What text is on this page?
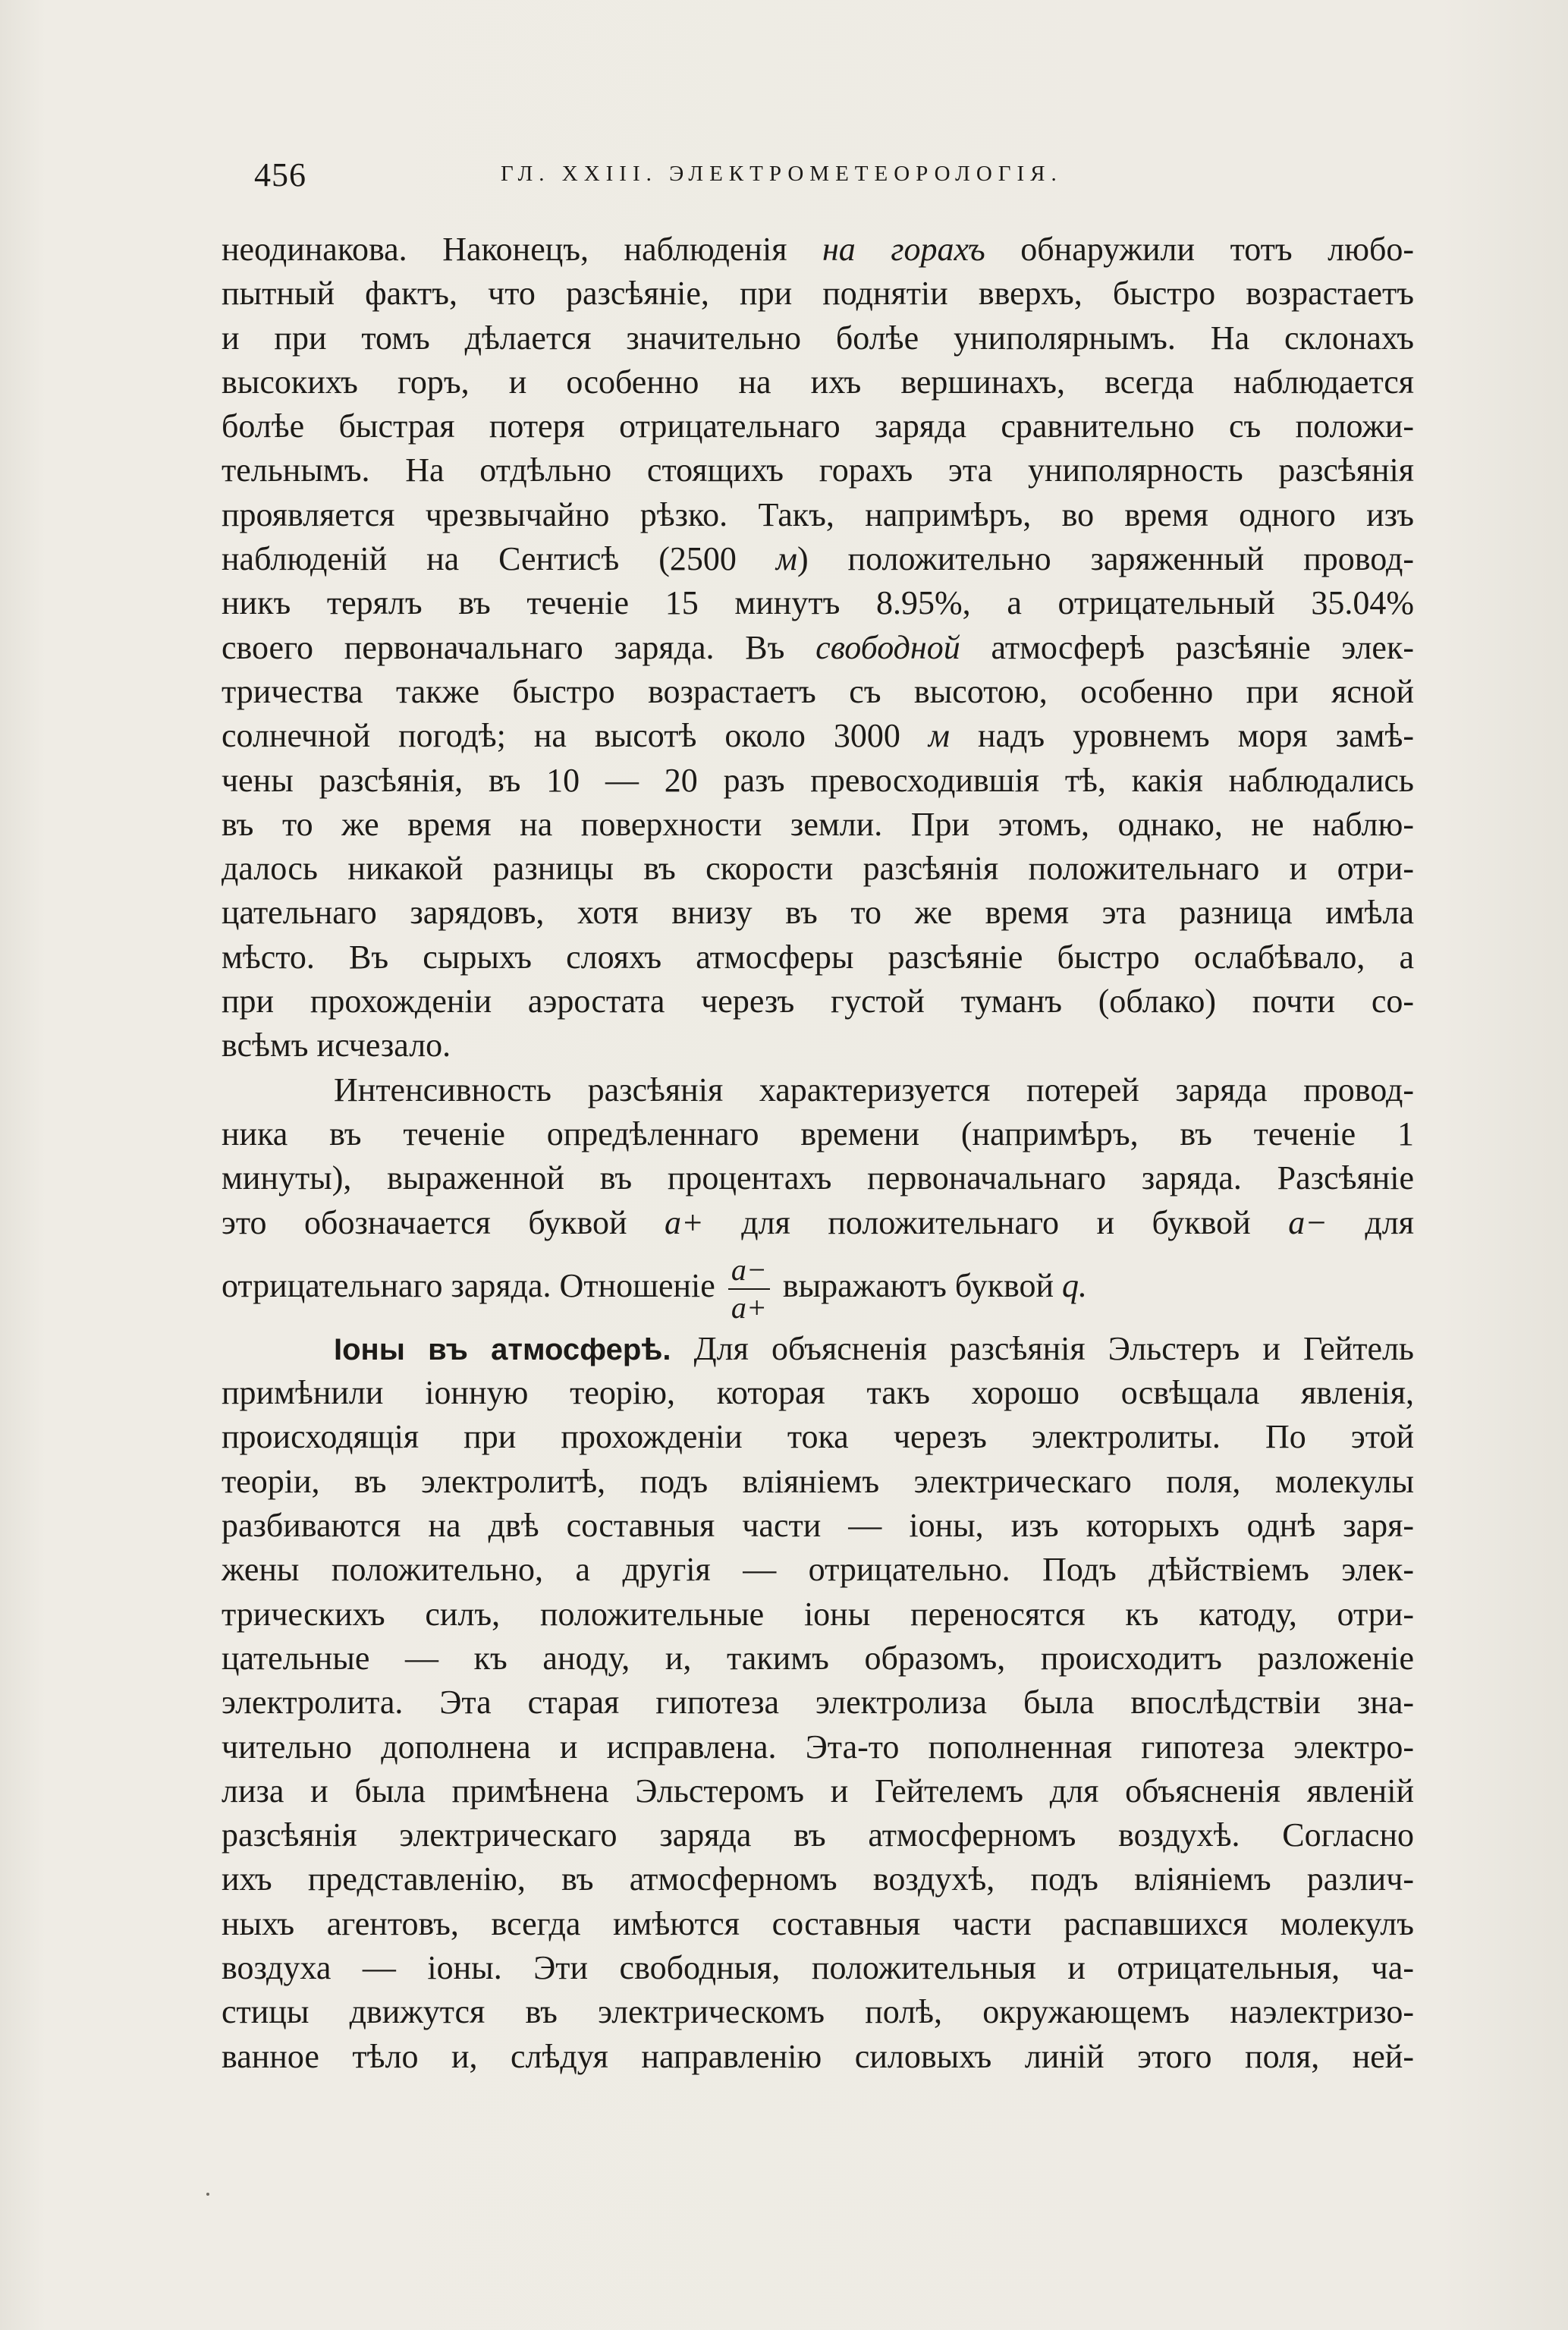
456	ГЛ. XXIII. ЭЛЕКТРОМЕТЕОРОЛОГІЯ.
неодинакова. Наконецъ, наблюденія на горахъ обнаружили тотъ любо-
пытный фактъ, что разсѣяніе, при поднятіи вверхъ, быстро возрастаетъ
и при томъ дѣлается значительно болѣе униполярнымъ. На склонахъ
высокихъ горъ, и особенно на ихъ вершинахъ, всегда наблюдается
болѣе быстрая потеря отрицательнаго заряда сравнительно съ положи-
тельнымъ. На отдѣльно стоящихъ горахъ эта униполярность разсѣянія
проявляется чрезвычайно рѣзко. Такъ, напримѣръ, во время одного изъ
наблюденій на Сентисѣ (2500 м) положительно заряженный провод-
никъ терялъ въ теченіе 15 минутъ 8.95%, а отрицательный 35.04%
своего первоначальнаго заряда. Въ свободной атмосферѣ разсѣяніе элек-
тричества также быстро возрастаетъ съ высотою, особенно при ясной
солнечной погодѣ; на высотѣ около 3000 м надъ уровнемъ моря замѣ-
чены разсѣянія, въ 10 — 20 разъ превосходившія тѣ, какія наблюдались
въ то же время на поверхности земли. При этомъ, однако, не наблю-
далось никакой разницы въ скорости разсѣянія положительнаго и отри-
цательнаго зарядовъ, хотя внизу въ то же время эта разница имѣла
мѣсто. Въ сырыхъ слояхъ атмосферы разсѣяніе быстро ослабѣвало, а
при прохожденіи аэростата черезъ густой туманъ (облако) почти со-
всѣмъ исчезало.
Интенсивность разсѣянія характеризуется потерей заряда провод-
ника въ теченіе опредѣленнаго времени (напримѣръ, въ теченіе 1
минуты), выраженной въ процентахъ первоначальнаго заряда. Разсѣяніе
это обозначается буквой a+ для положительнаго и буквой a− для
отрицательнаго заряда. Отношеніе $\frac{a-}{a+}$ выражаютъ буквой q.
Іоны въ атмосферѣ. Для объясненія разсѣянія Эльстеръ и Гейтель
примѣнили іонную теорію, которая такъ хорошо освѣщала явленія,
происходящія при прохожденіи тока черезъ электролиты. По этой
теоріи, въ электролитѣ, подъ вліяніемъ электрическаго поля, молекулы
разбиваются на двѣ составныя части — іоны, изъ которыхъ однѣ заря-
жены положительно, а другія — отрицательно. Подъ дѣйствіемъ элек-
трическихъ силъ, положительные іоны переносятся къ катоду, отри-
цательные — къ аноду, и, такимъ образомъ, происходитъ разложеніе
электролита. Эта старая гипотеза электролиза была впослѣдствіи зна-
чительно дополнена и исправлена. Эта-то пополненная гипотеза электро-
лиза и была примѣнена Эльстеромъ и Гейтелемъ для объясненія явленій
разсѣянія электрическаго заряда въ атмосферномъ воздухѣ. Согласно
ихъ представленію, въ атмосферномъ воздухѣ, подъ вліяніемъ различ-
ныхъ агентовъ, всегда имѣются составныя части распавшихся молекулъ
воздуха — іоны. Эти свободныя, положительныя и отрицательныя, ча-
стицы движутся въ электрическомъ полѣ, окружающемъ наэлектризо-
ванное тѣло и, слѣдуя направленію силовыхъ линій этого поля, ней-
